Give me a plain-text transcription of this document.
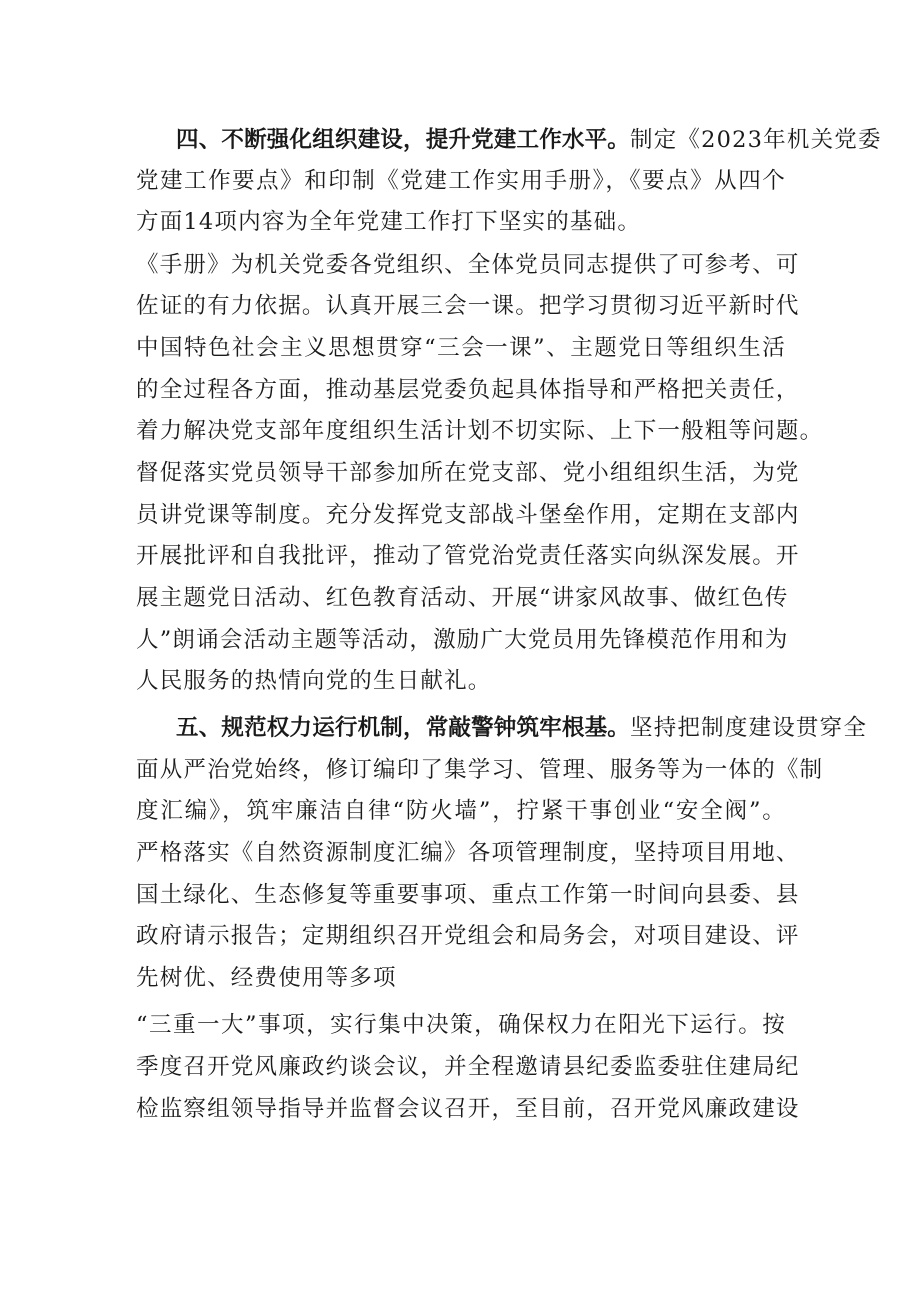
四、不断强化组织建设，提升党建工作水平。制定《2023年机关党委
党建工作要点》和印制《党建工作实用手册》，《要点》从四个
方面14项内容为全年党建工作打下坚实的基础。
《手册》为机关党委各党组织、全体党员同志提供了可参考、可
佐证的有力依据。认真开展三会一课。把学习贯彻习近平新时代
中国特色社会主义思想贯穿“三会一课”、主题党日等组织生活
的全过程各方面，推动基层党委负起具体指导和严格把关责任，
着力解决党支部年度组织生活计划不切实际、上下一般粗等问题。
督促落实党员领导干部参加所在党支部、党小组组织生活，为党
员讲党课等制度。充分发挥党支部战斗堡垒作用，定期在支部内
开展批评和自我批评，推动了管党治党责任落实向纵深发展。开
展主题党日活动、红色教育活动、开展“讲家风故事、做红色传
人”朗诵会活动主题等活动，激励广大党员用先锋模范作用和为
人民服务的热情向党的生日献礼。
五、规范权力运行机制，常敲警钟筑牢根基。坚持把制度建设贯穿全
面从严治党始终，修订编印了集学习、管理、服务等为一体的《制
度汇编》，筑牢廉洁自律“防火墙”，拧紧干事创业“安全阀”。
严格落实《自然资源制度汇编》各项管理制度，坚持项目用地、
国土绿化、生态修复等重要事项、重点工作第一时间向县委、县
政府请示报告；定期组织召开党组会和局务会，对项目建设、评
先树优、经费使用等多项
“三重一大”事项，实行集中决策，确保权力在阳光下运行。按
季度召开党风廉政约谈会议，并全程邀请县纪委监委驻住建局纪
检监察组领导指导并监督会议召开，至目前，召开党风廉政建设
